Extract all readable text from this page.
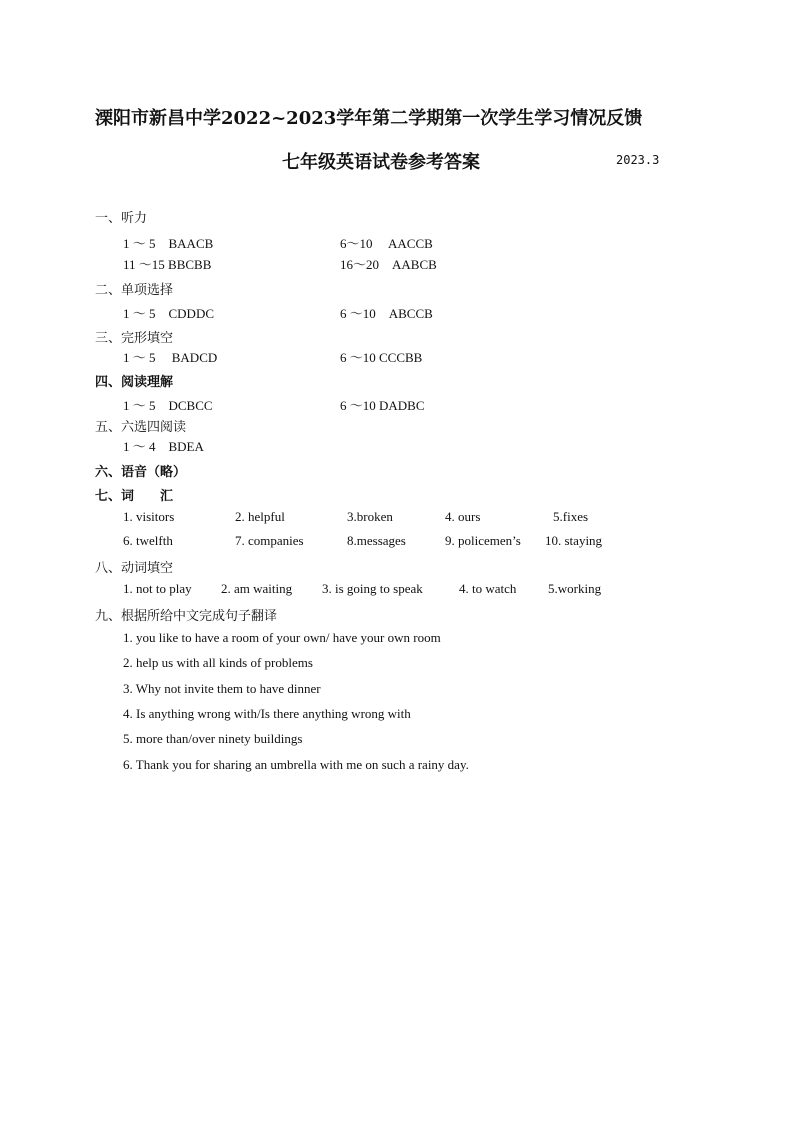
溧阳市新昌中学2022~2023学年第二学期第一次学生学习情况反馈
七年级英语试卷参考答案	2023.3
一、听力
1 ～ 5　BAACB	6～10　 AACCB
11 ～15 BBCBB	16～20　AABCB
二、单项选择
1 ～ 5　CDDDC	6 ～10　ABCCB
三、完形填空
1 ～ 5 　BADCD	6 ～10 CCCBB
四、阅读理解
1 ～ 5　DCBCC	6 ～10 DADBC
五、六选四阅读
1 ～ 4　BDEA
六、语音（略）
七、词　　汇
1. visitors	2. helpful	3.broken	4. ours	5.fixes
6. twelfth	7. companies	8.messages	9. policemen’s 10. staying
八、动词填空
1. not to play 2. am waiting 3. is going to speak	4. to watch 5.working
九、根据所给中文完成句子翻译
1. you like to have a room of your own/ have your own room
2. help us with all kinds of problems
3. Why not invite them to have dinner
4. Is anything wrong with/Is there anything wrong with
5. more than/over ninety buildings
6. Thank you for sharing an umbrella with me on such a rainy day.
